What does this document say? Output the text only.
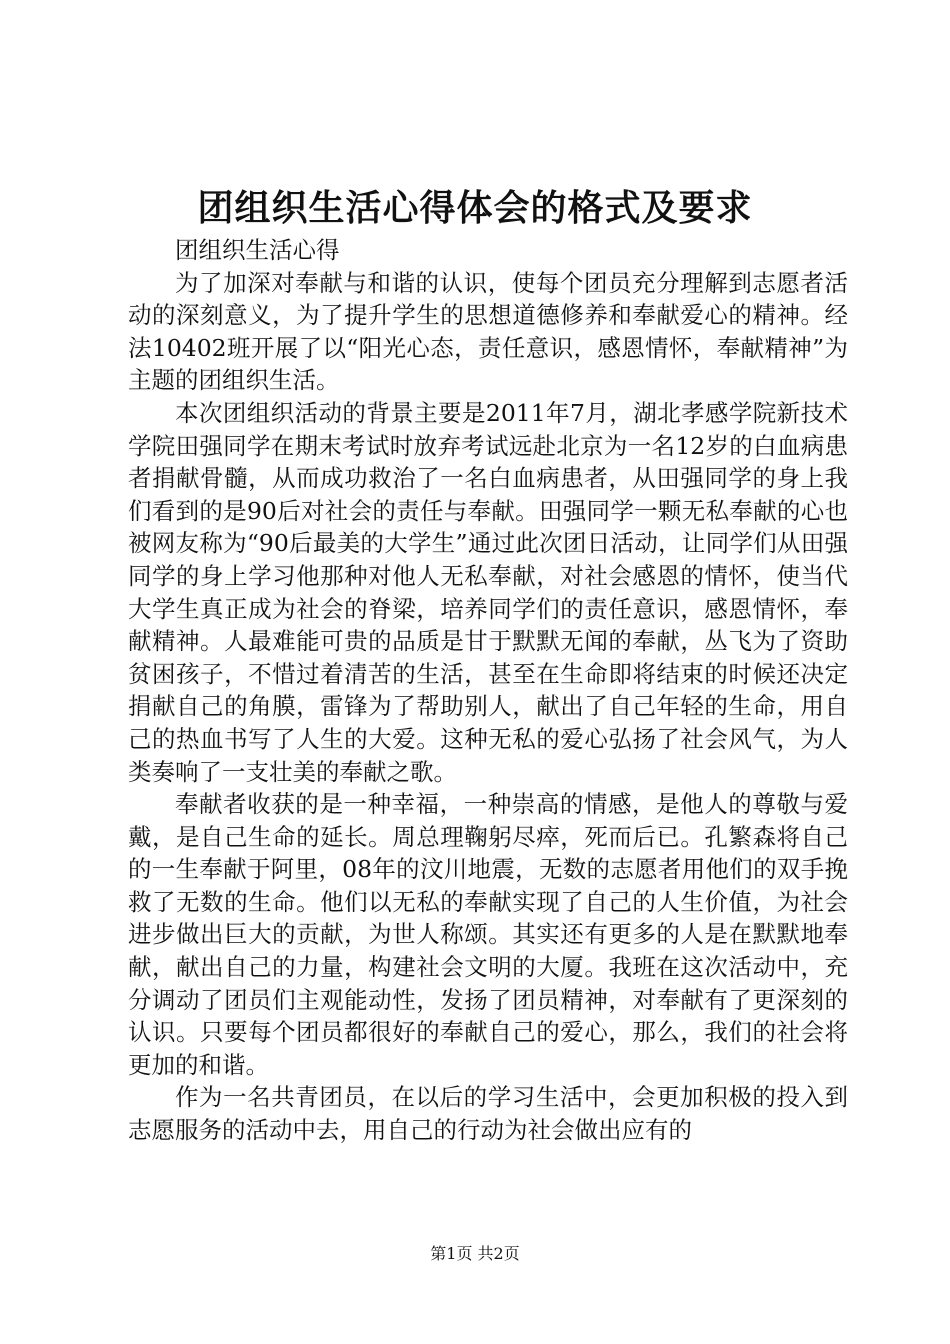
团组织生活心得体会的格式及要求

团组织生活心得

为了加深对奉献与和谐的认识，使每个团员充分理解到志愿者活动的深刻意义，为了提升学生的思想道德修养和奉献爱心的精神。经法10402班开展了以“阳光心态，责任意识，感恩情怀，奉献精神”为主题的团组织生活。

本次团组织活动的背景主要是2011年7月，湖北孝感学院新技术学院田强同学在期末考试时放弃考试远赴北京为一名12岁的白血病患者捐献骨髓，从而成功救治了一名白血病患者，从田强同学的身上我们看到的是90后对社会的责任与奉献。田强同学一颗无私奉献的心也被网友称为“90后最美的大学生”通过此次团日活动，让同学们从田强同学的身上学习他那种对他人无私奉献，对社会感恩的情怀，使当代大学生真正成为社会的脊梁，培养同学们的责任意识，感恩情怀，奉献精神。人最难能可贵的品质是甘于默默无闻的奉献，丛飞为了资助贫困孩子，不惜过着清苦的生活，甚至在生命即将结束的时候还决定捐献自己的角膜，雷锋为了帮助别人，献出了自己年轻的生命，用自己的热血书写了人生的大爱。这种无私的爱心弘扬了社会风气，为人类奏响了一支壮美的奉献之歌。

奉献者收获的是一种幸福，一种崇高的情感，是他人的尊敬与爱戴，是自己生命的延长。周总理鞠躬尽瘁，死而后已。孔繁森将自己的一生奉献于阿里，08年的汶川地震，无数的志愿者用他们的双手挽救了无数的生命。他们以无私的奉献实现了自己的人生价值，为社会进步做出巨大的贡献，为世人称颂。其实还有更多的人是在默默地奉献，献出自己的力量，构建社会文明的大厦。我班在这次活动中，充分调动了团员们主观能动性，发扬了团员精神，对奉献有了更深刻的认识。只要每个团员都很好的奉献自己的爱心，那么，我们的社会将更加的和谐。

作为一名共青团员，在以后的学习生活中，会更加积极的投入到志愿服务的活动中去，用自己的行动为社会做出应有的

第1页 共2页
